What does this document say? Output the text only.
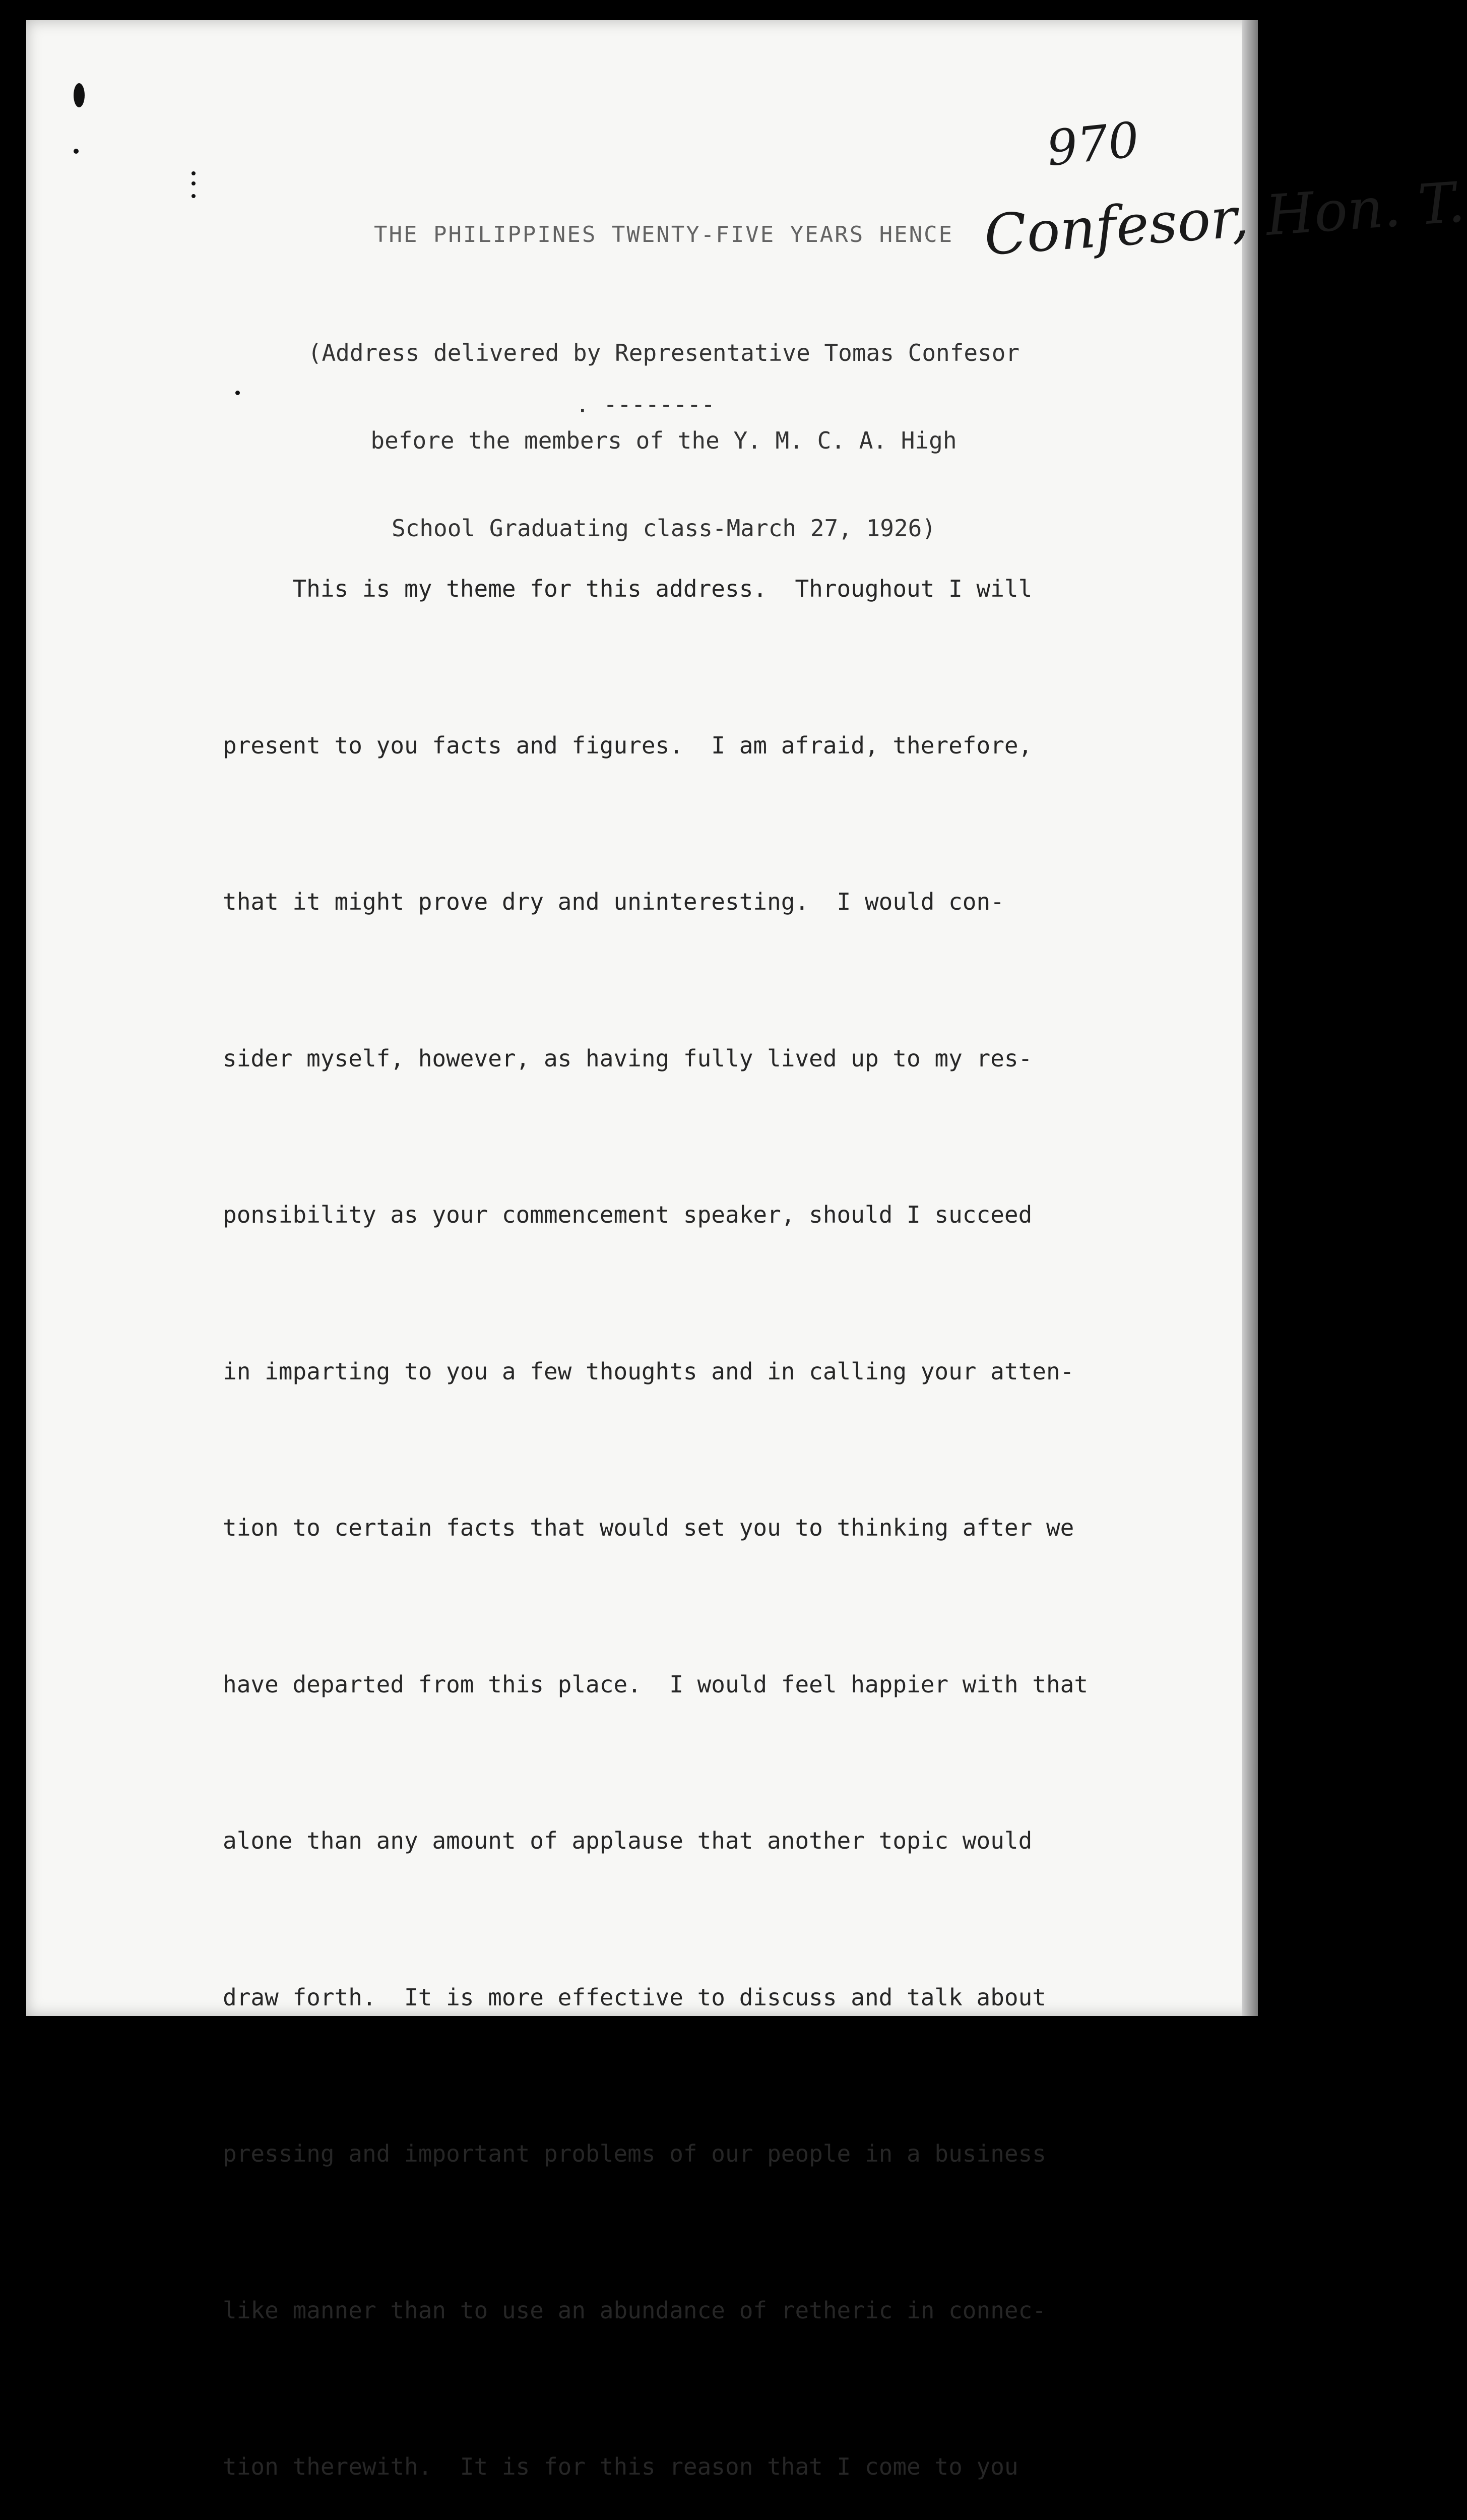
970
Confesor, Hon. T.
THE PHILIPPINES TWENTY-FIVE YEARS HENCE

(Address delivered by Representative Tomas Confesor

before the members of the Y. M. C. A. High

School Graduating class-March 27, 1926)

. --------

This is my theme for this address.  Throughout I will

present to you facts and figures.  I am afraid, therefore,

that it might prove dry and uninteresting.  I would con-

sider myself, however, as having fully lived up to my res-

ponsibility as your commencement speaker, should I succeed

in imparting to you a few thoughts and in calling your atten-

tion to certain facts that would set you to thinking after we

have departed from this place.  I would feel happier with that

alone than any amount of applause that another topic would

draw forth.  It is more effective to discuss and talk about

pressing and important problems of our people in a business

like manner than to use an abundance of retheric in connec-

tion therewith.  It is for this reason that I come to you
